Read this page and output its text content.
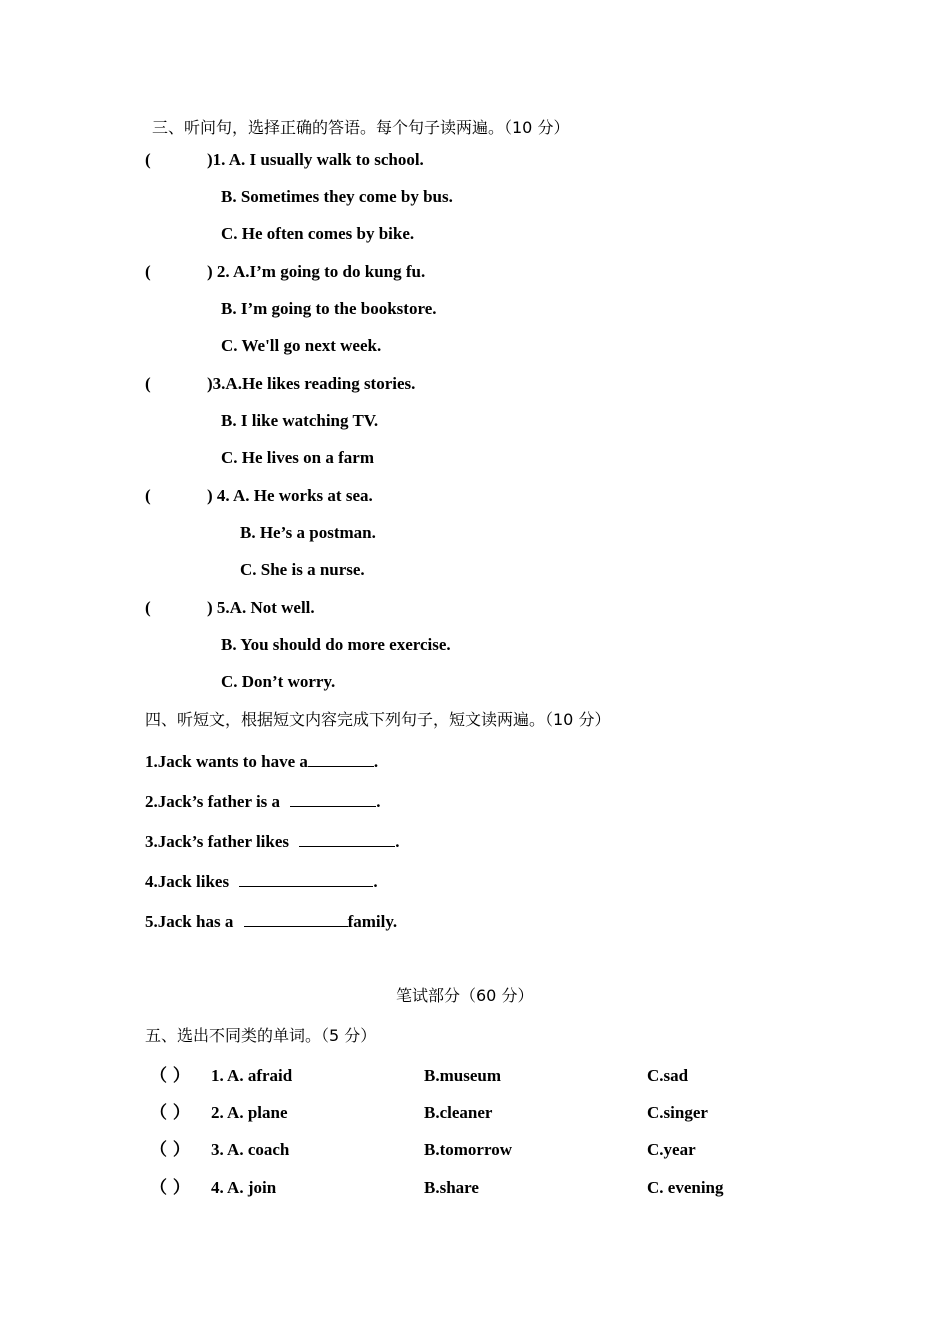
三、听问句，选择正确的答语。每个句子读两遍。（10 分）
(	)1. A. I usually walk to school.
B. Sometimes they come by bus.
C. He often comes by bike.
(	) 2. A.I’m going to do kung fu.
B. I’m going to the bookstore.
C. We'll go next week.
(	)3.A.He likes reading stories.
B. I like watching TV.
C. He lives on a farm
(	) 4. A. He works at sea.
B. He’s a postman.
C. She is a nurse.
(	) 5.A. Not well.
B. You should do more exercise.
C. Don’t worry.
四、听短文，根据短文内容完成下列句子，短文读两遍。（10 分）
1.Jack wants to have a	.
2.Jack’s father is a	.
3.Jack’s father likes	.
4.Jack likes	.
5.Jack has a	family.
笔试部分（60 分）
五、选出不同类的单词。（5 分）
（ ） 1. A. afraid	B.museum	C.sad
（ ） 2. A. plane	B.cleaner	C.singer
（ ） 3. A. coach	B.tomorrow	C.year
（ ） 4. A. join	B.share	C. evening
